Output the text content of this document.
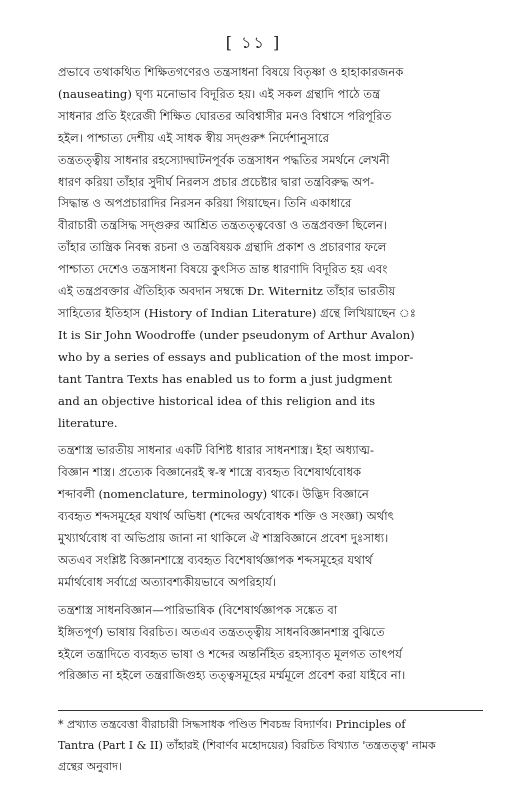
[ ১১ ]
প্রভাবে তথাকথিত শিক্ষিতগণেরও তন্ত্রসাধনা বিষয়ে বিতৃষ্ণা ও হাহাকারজনক
(nauseating) ঘৃণ্য মনোভাব বিদূরিত হয়। এই সকল গ্রন্থাদি পাঠে তন্ত্র
সাধনার প্রতি ইংরেজী শিক্ষিত ঘোরতর অবিশ্বাসীর মনও বিশ্বাসে পরিপূরিত
হইল। পাশ্চাত্য দেশীয় এই সাধক স্বীয় সদ্গুরু* নির্দেশানুসারে
তন্ত্রতত্ত্বীয় সাধনার রহস্যোদ্ঘাটনপূর্বক তন্ত্রসাধন পদ্ধতির সমর্থনে লেখনী
ধারণ করিয়া তাঁহার সুদীর্ঘ নিরলস প্রচার প্রচেষ্টার দ্বারা তন্ত্রবিরুদ্ধ অপ-
সিদ্ধান্ত ও অপপ্রচারাদির নিরসন করিয়া গিয়াছেন। তিনি একাধারে
বীরাচারী তন্ত্রসিদ্ধ সদ্গুরুর আশ্রিত তন্ত্রতত্ত্ববেত্তা ও তন্ত্রপ্রবক্তা ছিলেন।
তাঁহার তান্ত্রিক নিবন্ধ রচনা ও তন্ত্রবিষয়ক গ্রন্থাদি প্রকাশ ও প্রচারণার ফলে
পাশ্চাত্য দেশেও তন্ত্রসাধনা বিষয়ে কুৎসিত ভ্রান্ত ধারণাদি বিদূরিত হয় এবং
এই তন্ত্রপ্রবক্তার ঐতিহ্যিক অবদান সম্বন্ধে Dr. Witernitz তাঁহার ভারতীয়
সাহিত্যের ইতিহাস (History of Indian Literature) গ্রন্থে লিখিয়াছেন ঃ
It is Sir John Woodroffe (under pseudonym of Arthur Avalon)
who by a series of essays and publication of the most impor-
tant Tantra Texts has enabled us to form a just judgment
and an objective historical idea of this religion and its
literature.
তন্ত্রশাস্ত্র ভারতীয় সাধনার একটি বিশিষ্ট ধারার সাধনশাস্ত্র। ইহা অধ্যাত্ম-
বিজ্ঞান শাস্ত্র। প্রত্যেক বিজ্ঞানেরই স্ব-স্ব শাস্ত্রে ব্যবহৃত বিশেষার্থবোধক
শব্দাবলী (nomenclature, terminology) থাকে। উদ্ভিদ বিজ্ঞানে
ব্যবহৃত শব্দসমূহের যথার্থ অভিধা (শব্দের অর্থবোধক শক্তি ও সংজ্ঞা) অর্থাৎ
মুখ্যার্থবোধ বা অভিপ্রায় জানা না থাকিলে ঐ শাস্ত্রবিজ্ঞানে প্রবেশ দুঃসাধ্য।
অতএব সংশ্লিষ্ট বিজ্ঞানশাস্ত্রে ব্যবহৃত বিশেষার্থজ্ঞাপক শব্দসমূহের যথার্থ
মর্মার্থবোধ সর্বাগ্রে অত্যাবশ্যকীয়ভাবে অপরিহার্য।
তন্ত্রশাস্ত্র সাধনবিজ্ঞান—পারিভাষিক (বিশেষার্থজ্ঞাপক সঙ্কেত বা
ইঙ্গিতপূর্ণ) ভাষায় বিরচিত। অতএব তন্ত্রতত্ত্বীয় সাধনবিজ্ঞানশাস্ত্র বুঝিতে
হইলে তন্ত্রাদিতে ব্যবহৃত ভাষা ও শব্দের অন্তর্নিহিত রহস্যাবৃত মূলগত তাৎপর্য
পরিজ্ঞাত না হইলে তন্ত্ররাজিগুহ্য তত্ত্বসমূহের মর্ম্মমূলে প্রবেশ করা যাইবে না।
* প্রখ্যাত তন্ত্রবেত্তা বীরাচারী সিদ্ধসাধক পণ্ডিত শিবচন্দ্র বিদ্যার্ণব। Principles of
Tantra (Part I & II) তাঁহারই (শিবার্ণব মহোদয়ের) বিরচিত বিখ্যাত 'তন্ত্রতত্ত্ব' নামক
গ্রন্থের অনুবাদ।
